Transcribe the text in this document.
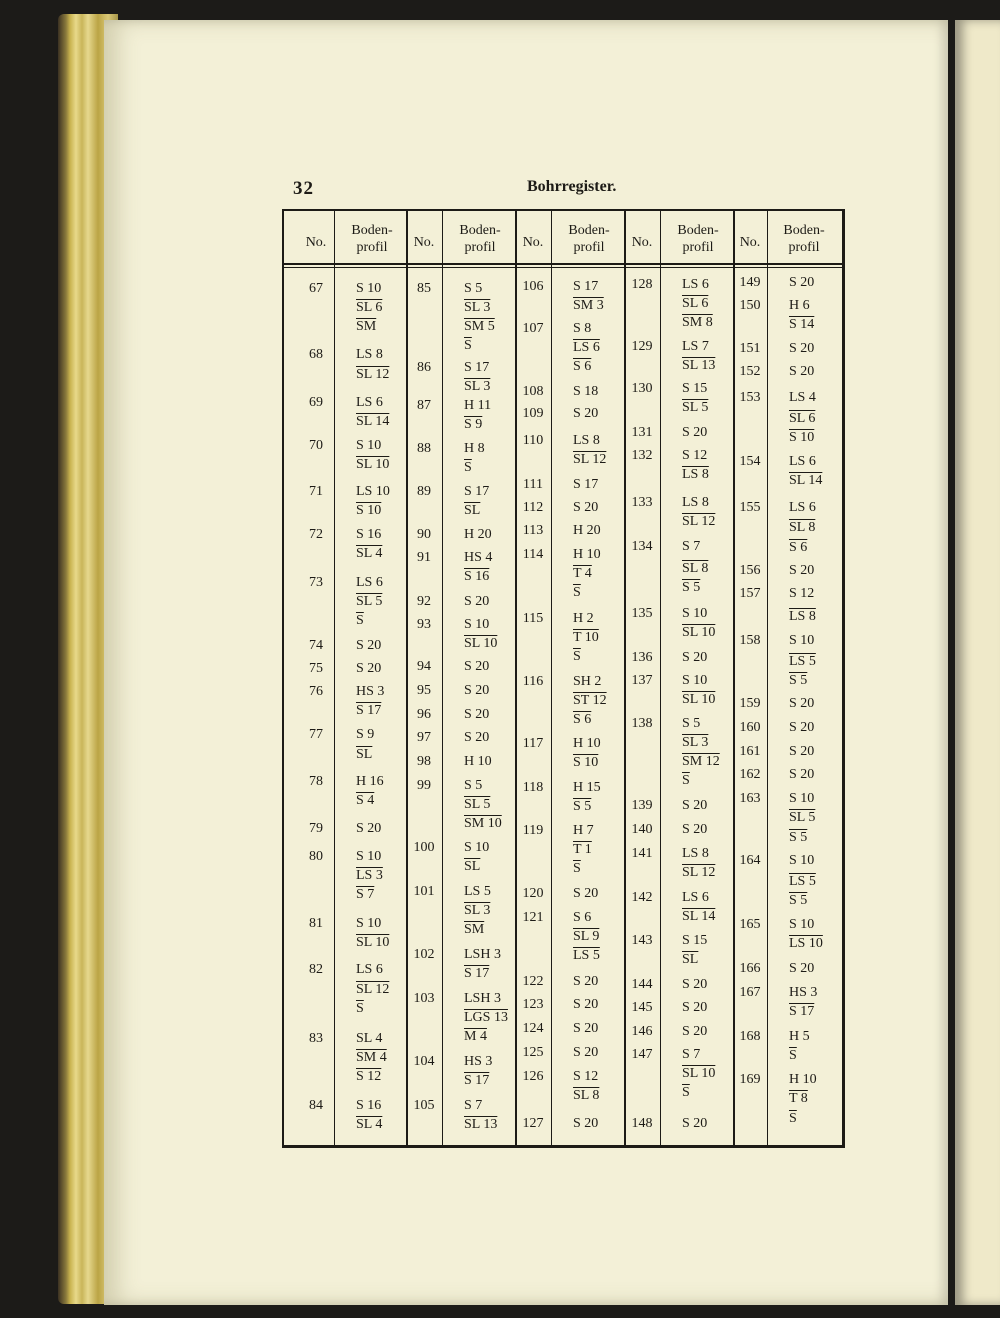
32	Bohrregister.
No.
Boden-
profil	No.
Boden-
profil	No.
Boden-
profil	No.
Boden-
profil	No.
Boden-
profil
67	S 10
SL 6
$\overline{SM}$
68	LS 8
SL 12
69	LS 6
SL 14
70	S 10
SL 10
71	LS 10
S 10
72	S 16
SL 4
73	LS 6
SL 5
$\overline{S}$
74	S 20
75	S 20
76	HS 3
S 17
77	S 9
$\overline{SL}$
78	H 16
S 4
79	S 20
80	S 10
LS 3
S 7
81	S 10
SL 10
82	LS 6
SL 12
$\overline{S}$
83	SL 4
SM 4
S 12
84	S 16
SL 4
85	S 5
SL 3
SM 5
$\overline{S}$
86	S 17
SL 3
87	H 11
S 9
88	H 8
$\overline{S}$
89	S 17
$\overline{SL}$
90	H 20
91	HS 4
S 16
92	S 20
93	S 10
SL 10
94	S 20
95	S 20
96	S 20
97	S 20
98	H 10
99	S 5
SL 5
SM 10
100	S 10
$\overline{SL}$
101	LS 5
SL 3
$\overline{SM}$
102	LSH 3
S 17
103	LSH 3
LGS 13
M 4
104	HS 3
S 17
105	S 7
SL 13
106	S 17
SM 3
107	S 8
LS 6
S 6
108	S 18
109	S 20
110	LS 8
SL 12
111	S 17
112	S 20
113	H 20
114	H 10
T 4
$\overline{S}$
115	H 2
T 10
$\overline{S}$
116	SH 2
ST 12
S 6
117	H 10
S 10
118	H 15
S 5
119	H 7
T 1
$\overline{S}$
120	S 20
121	S 6
SL 9
LS 5
122	S 20
123	S 20
124	S 20
125	S 20
126	S 12
SL 8
127	S 20
128	LS 6
SL 6
SM 8
129	LS 7
SL 13
130	S 15
SL 5
131	S 20
132	S 12
LS 8
133	LS 8
SL 12
134	S 7
SL 8
S 5
135	S 10
SL 10
136	S 20
137	S 10
SL 10
138	S 5
SL 3
SM 12
$\overline{S}$
139	S 20
140	S 20
141	LS 8
SL 12
142	LS 6
SL 14
143	S 15
$\overline{SL}$
144	S 20
145	S 20
146	S 20
147	S 7
SL 10
$\overline{S}$
148	S 20
149	S 20
150	H 6
S 14
151	S 20
152	S 20
153	LS 4
SL 6
S 10
154	LS 6
SL 14
155	LS 6
SL 8
S 6
156	S 20
157	S 12
LS 8
158	S 10
LS 5
S 5
159	S 20
160	S 20
161	S 20
162	S 20
163	S 10
SL 5
S 5
164	S 10
LS 5
S 5
165	S 10
LS 10
166	S 20
167	HS 3
S 17
168	H 5
$\overline{S}$
169	H 10
T 8
$\overline{S}$
